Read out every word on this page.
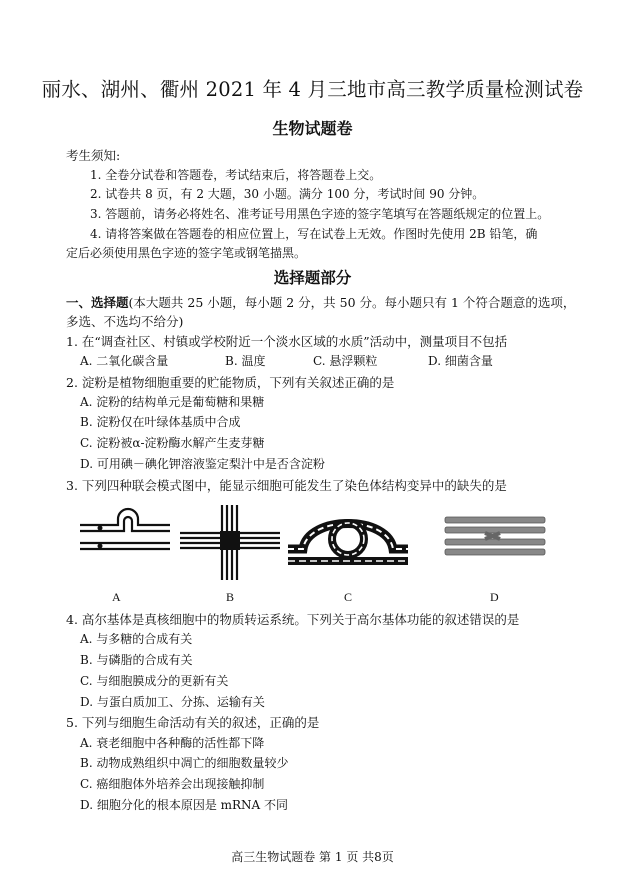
丽水、湖州、衢州 2021 年 4 月三地市高三教学质量检测试卷
生物试题卷
考生须知:
1. 全卷分试卷和答题卷，考试结束后，将答题卷上交。
2. 试卷共 8 页，有 2 大题，30 小题。满分 100 分，考试时间 90 分钟。
3. 答题前，请务必将姓名、准考证号用黑色字迹的签字笔填写在答题纸规定的位置上。
4. 请将答案做在答题卷的相应位置上，写在试卷上无效。作图时先使用 2B 铅笔，确
定后必须使用黑色字迹的签字笔或钢笔描黑。
选择题部分
一、选择题(本大题共 25 小题，每小题 2 分，共 50 分。每小题只有 1 个符合题意的选项，
多选、不选均不给分)
1. 在“调查社区、村镇或学校附近一个淡水区域的水质”活动中，测量项目不包括
A. 二氧化碳含量	B. 温度	C. 悬浮颗粒	D. 细菌含量
2. 淀粉是植物细胞重要的贮能物质，下列有关叙述正确的是
A. 淀粉的结构单元是葡萄糖和果糖
B. 淀粉仅在叶绿体基质中合成
C. 淀粉被α-淀粉酶水解产生麦芽糖
D. 可用碘－碘化钾溶液鉴定梨汁中是否含淀粉
3. 下列四种联会模式图中，能显示细胞可能发生了染色体结构变异中的缺失的是
A	B	C	D
4. 高尔基体是真核细胞中的物质转运系统。下列关于高尔基体功能的叙述错误的是
A. 与多糖的合成有关
B. 与磷脂的合成有关
C. 与细胞膜成分的更新有关
D. 与蛋白质加工、分拣、运输有关
5. 下列与细胞生命活动有关的叙述，正确的是
A. 衰老细胞中各种酶的活性都下降
B. 动物成熟组织中凋亡的细胞数量较少
C. 癌细胞体外培养会出现接触抑制
D. 细胞分化的根本原因是 mRNA 不同
高三生物试题卷 第 1 页 共8页
